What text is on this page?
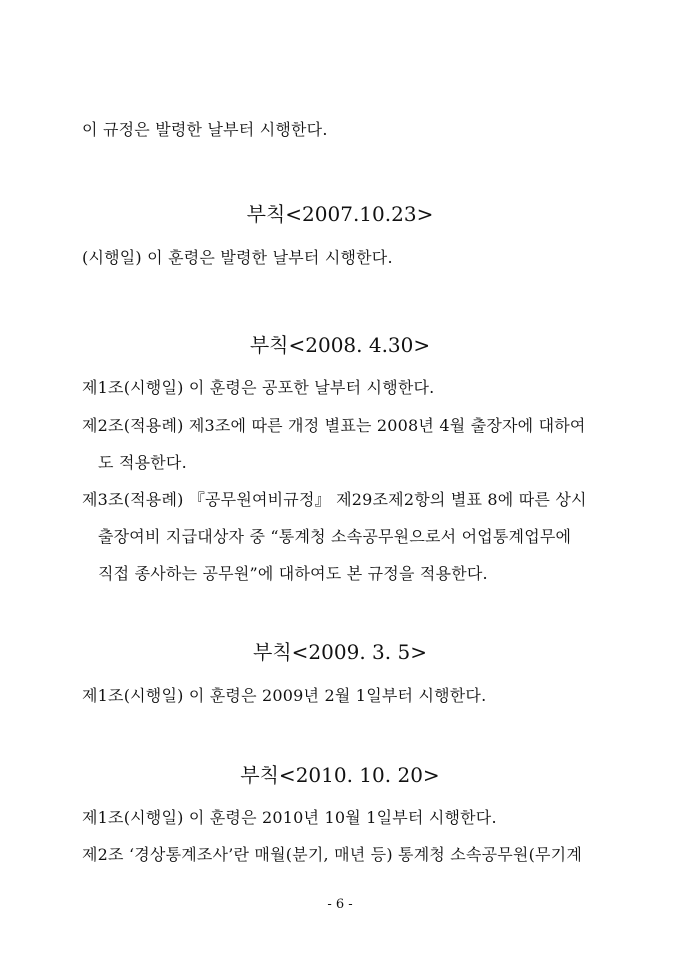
이 규정은 발령한 날부터 시행한다.
부칙<2007.10.23>
(시행일) 이 훈령은 발령한 날부터 시행한다.
부칙<2008. 4.30>
제1조(시행일) 이 훈령은 공포한 날부터 시행한다.
제2조(적용례) 제3조에 따른 개정 별표는 2008년 4월 출장자에 대하여
도 적용한다.
제3조(적용례) 『공무원여비규정』 제29조제2항의 별표 8에 따른 상시
출장여비 지급대상자 중 “통계청 소속공무원으로서 어업통계업무에
직접 종사하는 공무원”에 대하여도 본 규정을 적용한다.
부칙<2009. 3. 5>
제1조(시행일) 이 훈령은 2009년 2월 1일부터 시행한다.
부칙<2010. 10. 20>
제1조(시행일) 이 훈령은 2010년 10월 1일부터 시행한다.
제2조 ‘경상통계조사’란 매월(분기, 매년 등) 통계청 소속공무원(무기계
- 6 -
